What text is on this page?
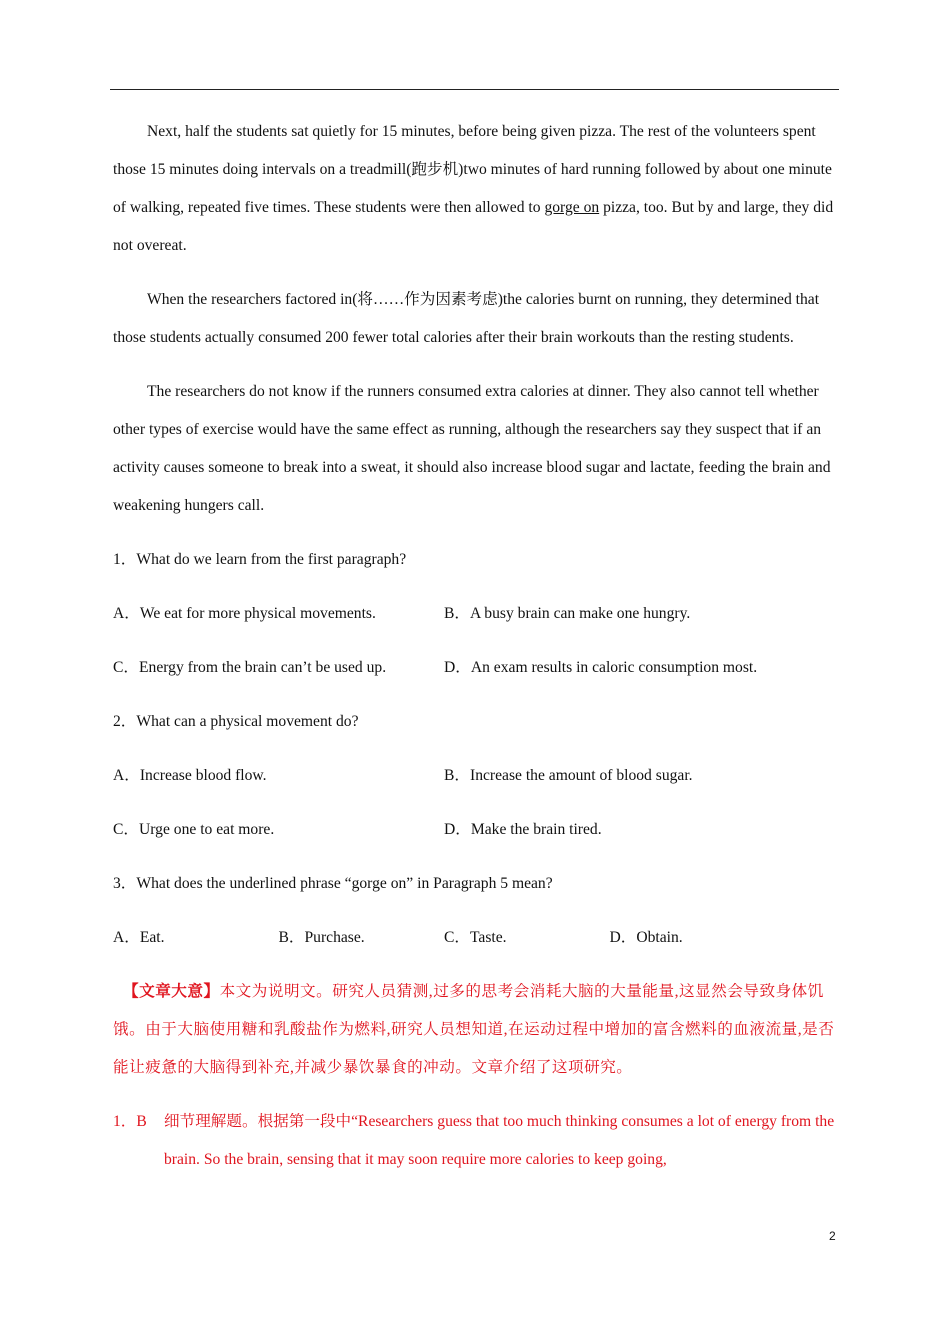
Next, half the students sat quietly for 15 minutes, before being given pizza. The rest of the volunteers spent those 15 minutes doing intervals on a treadmill(跑步机)two minutes of hard running followed by about one minute of walking, repeated five times. These students were then allowed to gorge on pizza, too. But by and large, they did not overeat.

When the researchers factored in(将……作为因素考虑)the calories burnt on running, they determined that those students actually consumed 200 fewer total calories after their brain workouts than the resting students.

The researchers do not know if the runners consumed extra calories at dinner. They also cannot tell whether other types of exercise would have the same effect as running, although the researchers say they suspect that if an activity causes someone to break into a sweat, it should also increase blood sugar and lactate, feeding the brain and weakening hungers call.

1．What do we learn from the first paragraph?

A．We eat for more physical movements.	B．A busy brain can make one hungry.
C．Energy from the brain can’t be used up.	D．An exam results in caloric consumption most.

2．What can a physical movement do?

A．Increase blood flow.	B．Increase the amount of blood sugar.
C．Urge one to eat more.	D．Make the brain tired.

3．What does the underlined phrase “gorge on” in Paragraph 5 mean?

A．Eat.	B．Purchase.	C．Taste.	D．Obtain.

【文章大意】本文为说明文。研究人员猜测,过多的思考会消耗大脑的大量能量,这显然会导致身体饥饿。由于大脑使用糖和乳酸盐作为燃料,研究人员想知道,在运动过程中增加的富含燃料的血液流量,是否能让疲惫的大脑得到补充,并减少暴饮暴食的冲动。文章介绍了这项研究。

1．B 细节理解题。根据第一段中“Researchers guess that too much thinking consumes a lot of energy from the brain. So the brain, sensing that it may soon require more calories to keep going,

2
